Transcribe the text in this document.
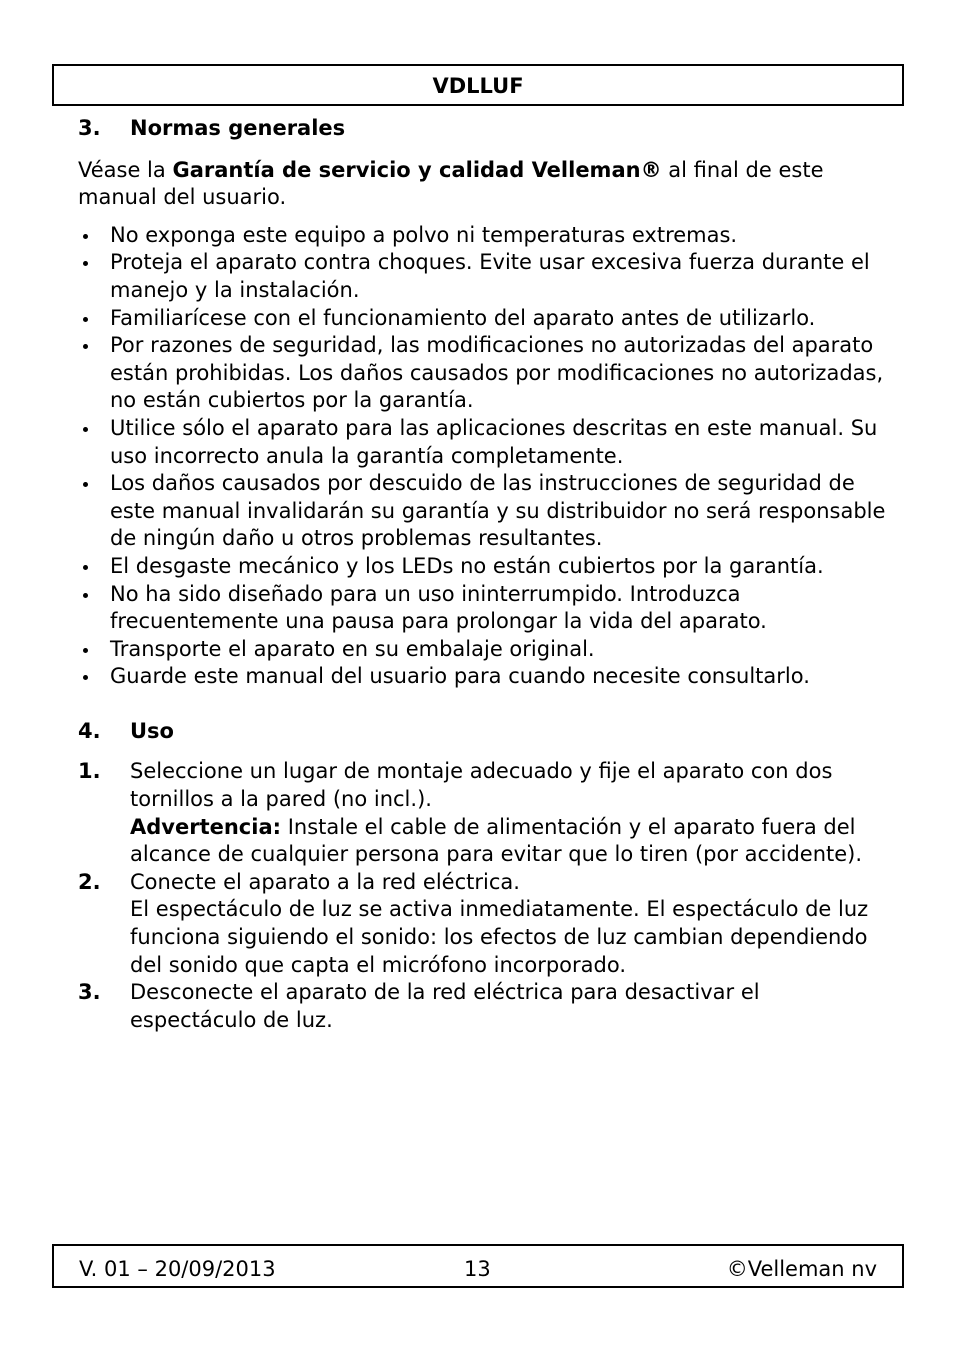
VDLLUF
3.	Normas generales

Véase la Garantía de servicio y calidad Velleman® al final de este manual del usuario.

No exponga este equipo a polvo ni temperaturas extremas.
Proteja el aparato contra choques. Evite usar excesiva fuerza durante el manejo y la instalación.
Familiarícese con el funcionamiento del aparato antes de utilizarlo.
Por razones de seguridad, las modificaciones no autorizadas del aparato están prohibidas. Los daños causados por modificaciones no autorizadas, no están cubiertos por la garantía.
Utilice sólo el aparato para las aplicaciones descritas en este manual. Su uso incorrecto anula la garantía completamente.
Los daños causados por descuido de las instrucciones de seguridad de este manual invalidarán su garantía y su distribuidor no será responsable de ningún daño u otros problemas resultantes.
El desgaste mecánico y los LEDs no están cubiertos por la garantía.
No ha sido diseñado para un uso ininterrumpido. Introduzca frecuentemente una pausa para prolongar la vida del aparato.
Transporte el aparato en su embalaje original.
Guarde este manual del usuario para cuando necesite consultarlo.
4.	Uso
1.	Seleccione un lugar de montaje adecuado y fije el aparato con dos tornillos a la pared (no incl.).
Advertencia: Instale el cable de alimentación y el aparato fuera del alcance de cualquier persona para evitar que lo tiren (por accidente).
2.	Conecte el aparato a la red eléctrica.
El espectáculo de luz se activa inmediatamente. El espectáculo de luz funciona siguiendo el sonido: los efectos de luz cambian dependiendo del sonido que capta el micrófono incorporado.
3.	Desconecte el aparato de la red eléctrica para desactivar el espectáculo de luz.
V. 01 – 20/09/2013	13	©Velleman nv
